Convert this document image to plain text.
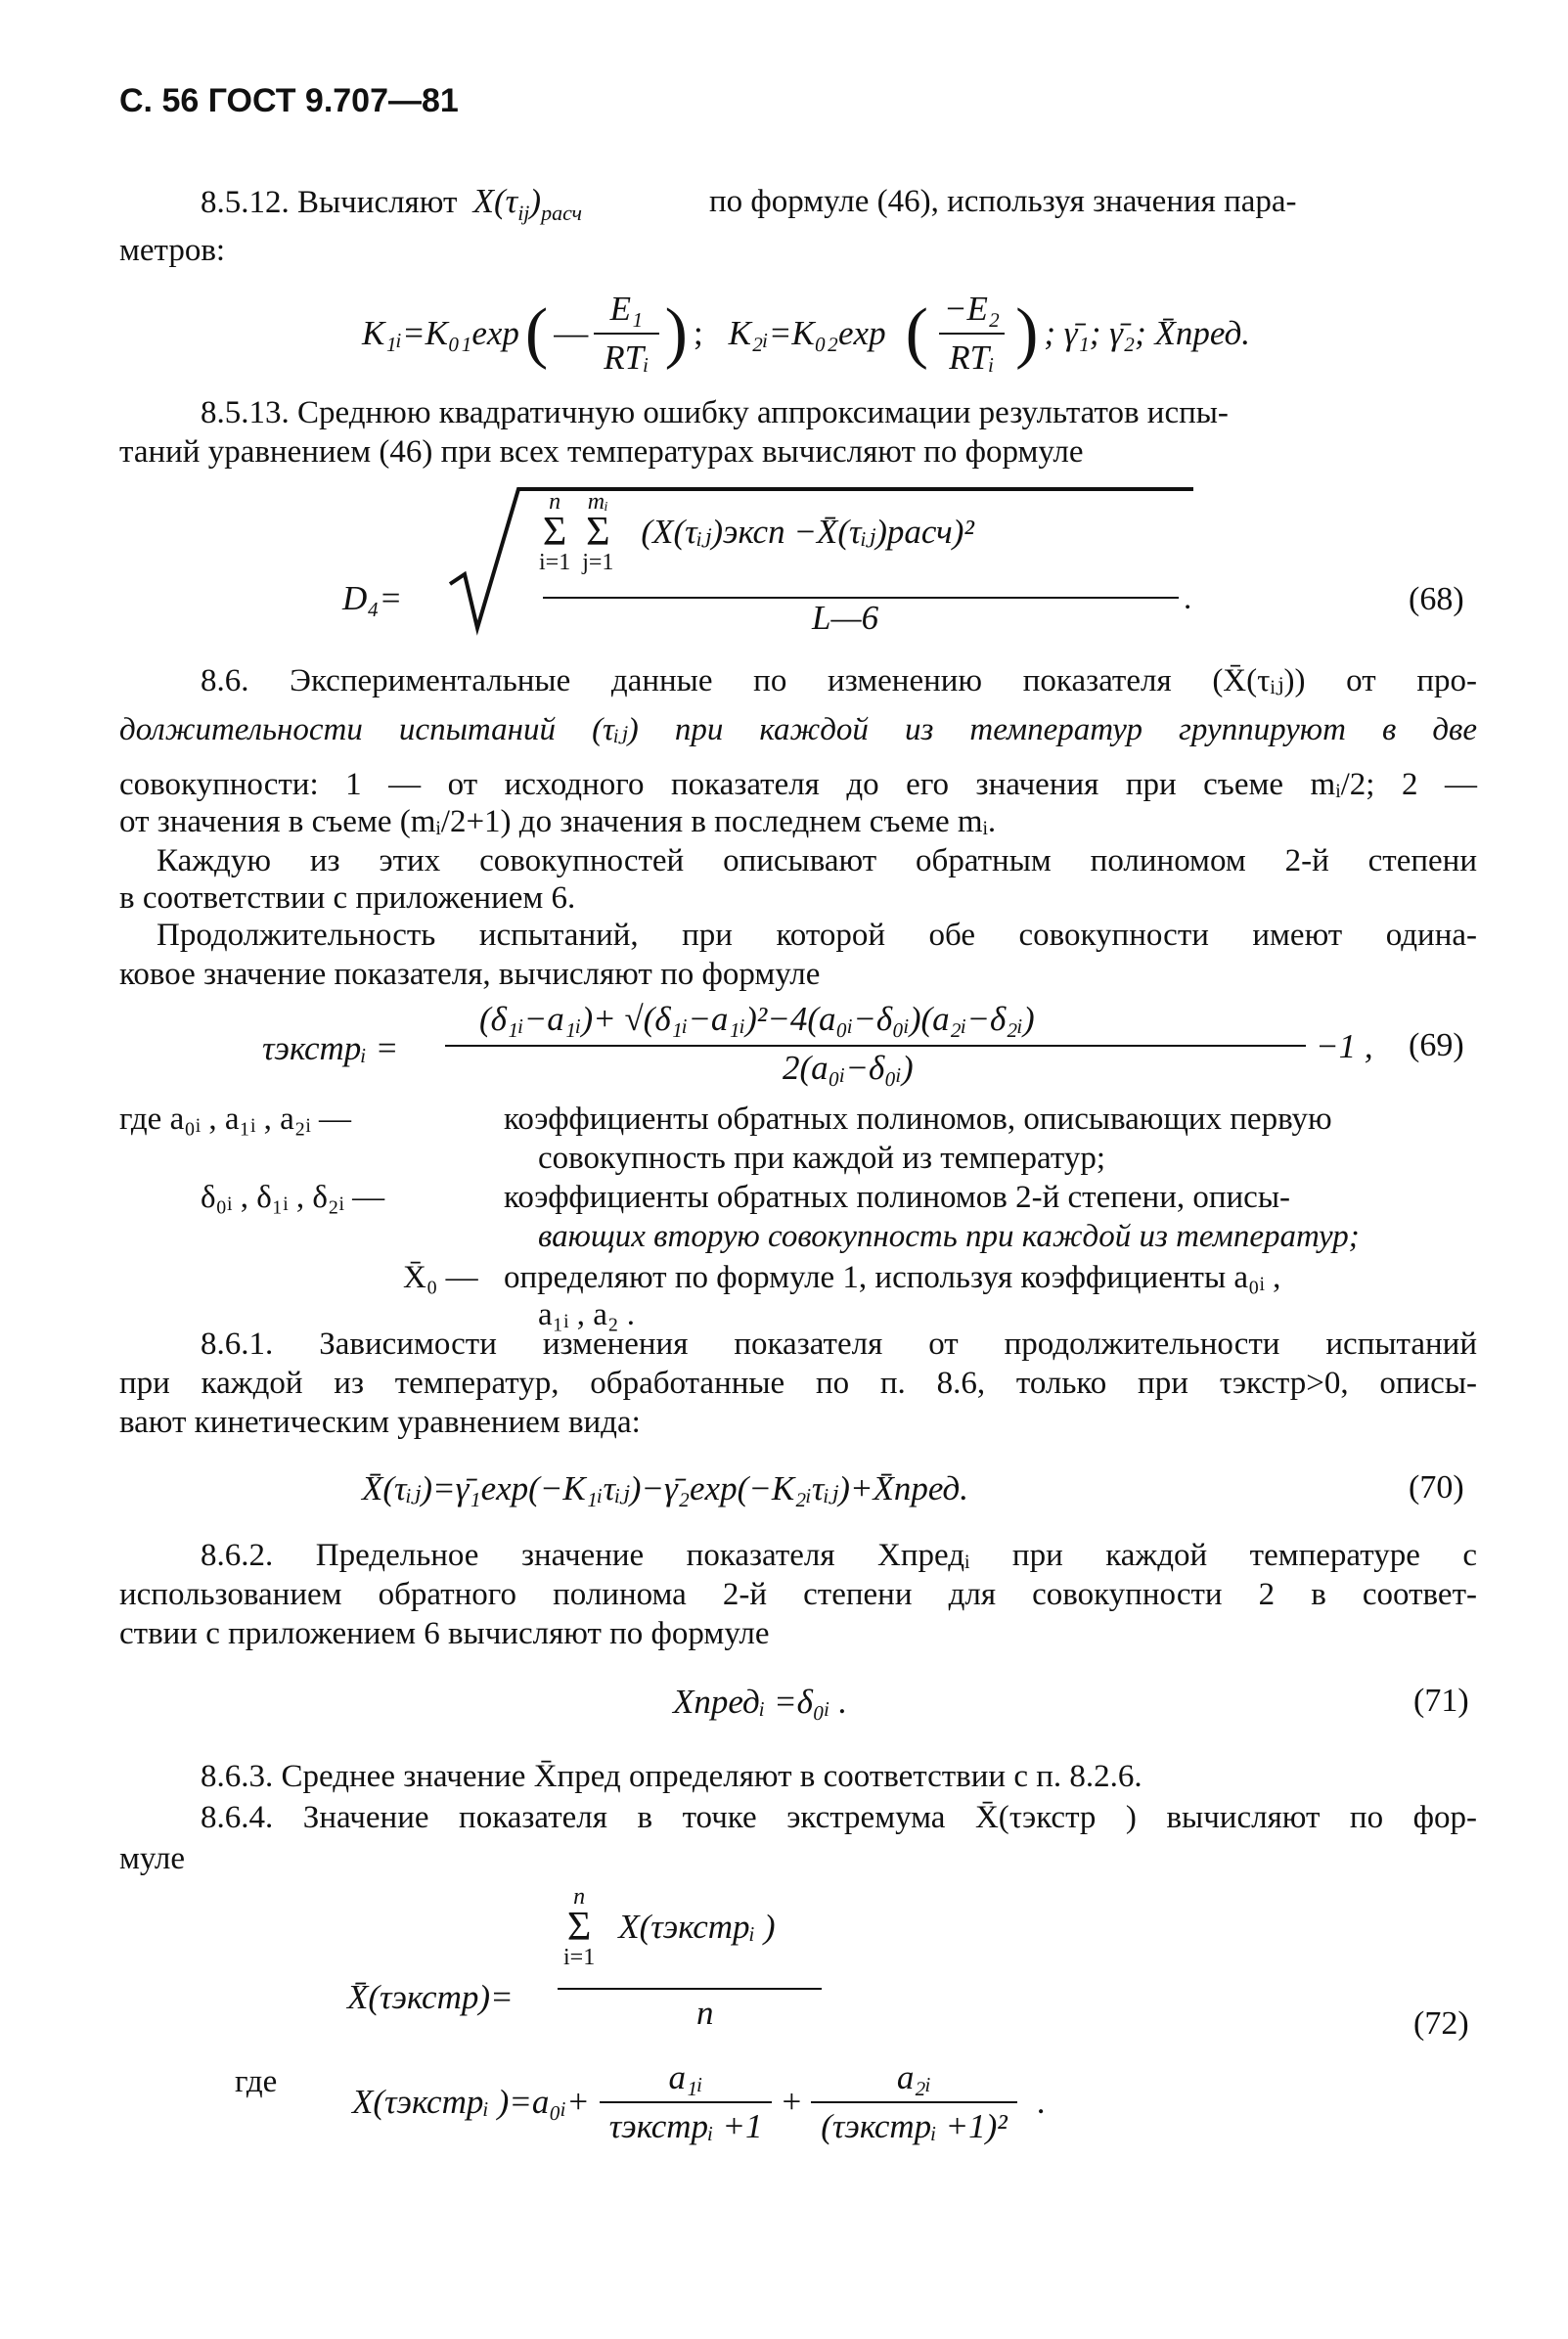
С. 56 ГОСТ 9.707—81
8.5.12. Вычисляют $X(\tau_{ij})_{расч}$	по формуле (46), используя значения пара-
метров:
K₁ᵢ=K₀₁exp ( — $\frac{\text{E₁}}{\text{RTᵢ}}$ ) ; K₂ᵢ=K₀₂exp ( $\frac{\text{−E₂}}{\text{RTᵢ}}$ ) ; γ̄₁; γ̄₂; X̄пред.
8.5.13. Среднюю квадратичную ошибку аппроксимации результатов испы-
таний уравнением (46) при всех температурах вычисляют по формуле
D₄=
n
Σ
i=1
mᵢ
Σ
j=1
(X(τᵢⱼ)эксп −X̄(τᵢⱼ)расч)²
L—6	.	(68)
8.6. Экспериментальные данные по изменению показателя (X̄(τᵢⱼ)) от про-
должительности испытаний (τᵢⱼ) при каждой из температур группируют в две
совокупности: 1 — от исходного показателя до его значения при съеме mᵢ/2; 2 —
от значения в съеме (mᵢ/2+1) до значения в последнем съеме mᵢ.
Каждую из этих совокупностей описывают обратным полиномом 2-й степени
в соответствии с приложением 6.
Продолжительность испытаний, при которой обе совокупности имеют одина-
ковое значение показателя, вычисляют по формуле
τэкстрᵢ =
(δ₁ᵢ−a₁ᵢ)+ √(δ₁ᵢ−a₁ᵢ)²−4(a₀ᵢ−δ₀ᵢ)(a₂ᵢ−δ₂ᵢ)
2(a₀ᵢ−δ₀ᵢ)
−1 , (69)
где a₀ᵢ , a₁ᵢ , a₂ᵢ —	коэффициенты обратных полиномов, описывающих первую
совокупность при каждой из температур;
δ₀ᵢ , δ₁ᵢ , δ₂ᵢ —	коэффициенты обратных полиномов 2-й степени, описы-
вающих вторую совокупность при каждой из температур;
X̄₀ — определяют по формуле 1, используя коэффициенты a₀ᵢ ,
a₁ᵢ , a₂ .
8.6.1. Зависимости изменения показателя от продолжительности испытаний
при каждой из температур, обработанные по п. 8.6, только при τэкстр>0, описы-
вают кинетическим уравнением вида:
X̄(τᵢⱼ)=γ̄₁exp(−K₁ᵢτᵢⱼ)−γ̄₂exp(−K₂ᵢτᵢⱼ)+X̄пред.	(70)
8.6.2. Предельное значение показателя Xпредᵢ при каждой температуре с
использованием обратного полинома 2-й степени для совокупности 2 в соответ-
ствии с приложением 6 вычисляют по формуле
Xпредᵢ =δ₀ᵢ .	(71)
8.6.3. Среднее значение X̄пред определяют в соответствии с п. 8.2.6.
8.6.4. Значение показателя в точке экстремума X̄(τэкстр ) вычисляют по фор-
муле
n
Σ
i=1
X(τэкстрᵢ )
X̄(τэкстр)=	n	(72)
где
X(τэкстрᵢ )=a₀ᵢ+ $\frac{\text{a₁ᵢ}}{\text{τэкстрᵢ +1}} + \frac{\text{a₂ᵢ}}{\text{(τэкстрᵢ +1)²}}$ .
